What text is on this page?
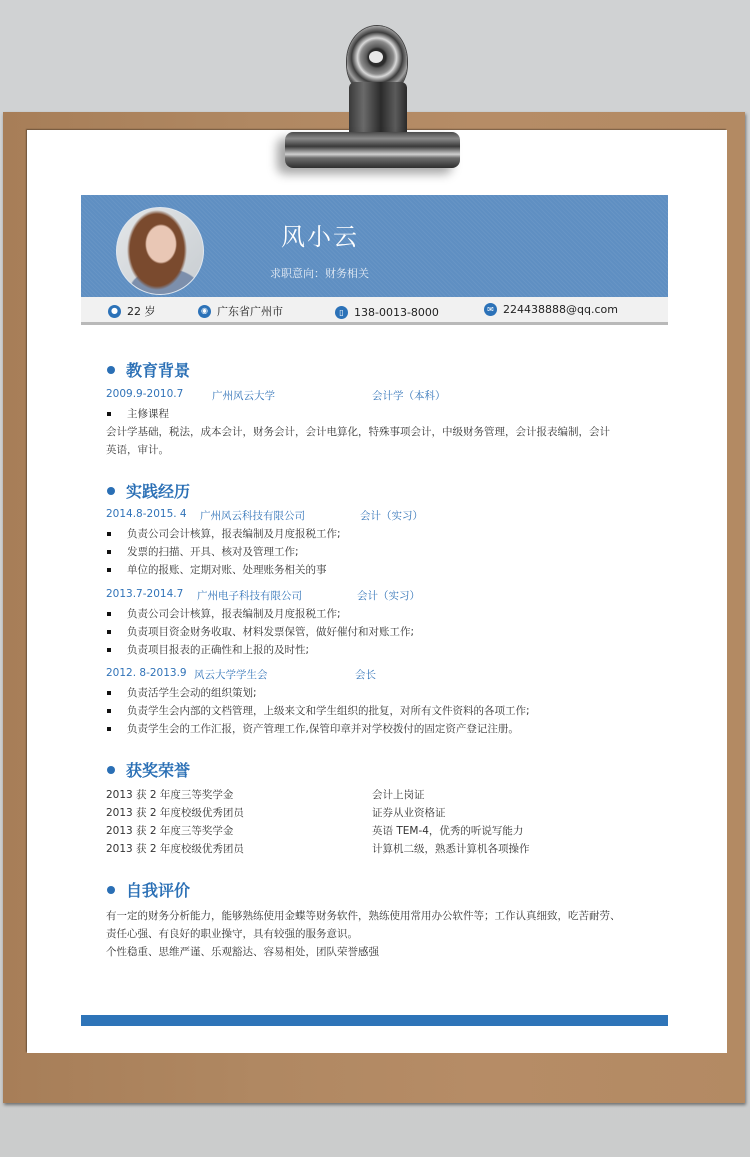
风小云
求职意向：财务相关
● 22 岁	◉ 广东省广州市	▯ 138-0013-8000	✉ 224438888@qq.com
教育背景
2009.9-2010.7	广州风云大学	会计学（本科）
主修课程
会计学基础，税法，成本会计，财务会计，会计电算化，特殊事项会计，中级财务管理，会计报表编制，会计
英语，审计。
实践经历
2014.8-2015. 4 广州风云科技有限公司	会计（实习）
负责公司会计核算，报表编制及月度报税工作;
发票的扫描、开具、核对及管理工作;
单位的报账、定期对账、处理账务相关的事
2013.7-2014.7 广州电子科技有限公司	会计（实习）
负责公司会计核算，报表编制及月度报税工作;
负责项目资金财务收取、材料发票保管，做好催付和对账工作;
负责项目报表的正确性和上报的及时性;
2012. 8-2013.9 风云大学学生会	会长
负责活学生会动的组织策划;
负责学生会内部的文档管理，上级来文和学生组织的批复，对所有文件资料的各项工作;
负责学生会的工作汇报，资产管理工作,保管印章并对学校拨付的固定资产登记注册。
获奖荣誉
2013 获 2 年度三等奖学金	会计上岗证
2013 获 2 年度校级优秀团员	证券从业资格证
2013 获 2 年度三等奖学金	英语 TEM-4，优秀的听说写能力
2013 获 2 年度校级优秀团员	计算机二级，熟悉计算机各项操作
自我评价
有一定的财务分析能力，能够熟练使用金蝶等财务软件，熟练使用常用办公软件等；工作认真细致，吃苦耐劳、
责任心强、有良好的职业操守，具有较强的服务意识。
个性稳重、思维严谨、乐观豁达、容易相处，团队荣誉感强
